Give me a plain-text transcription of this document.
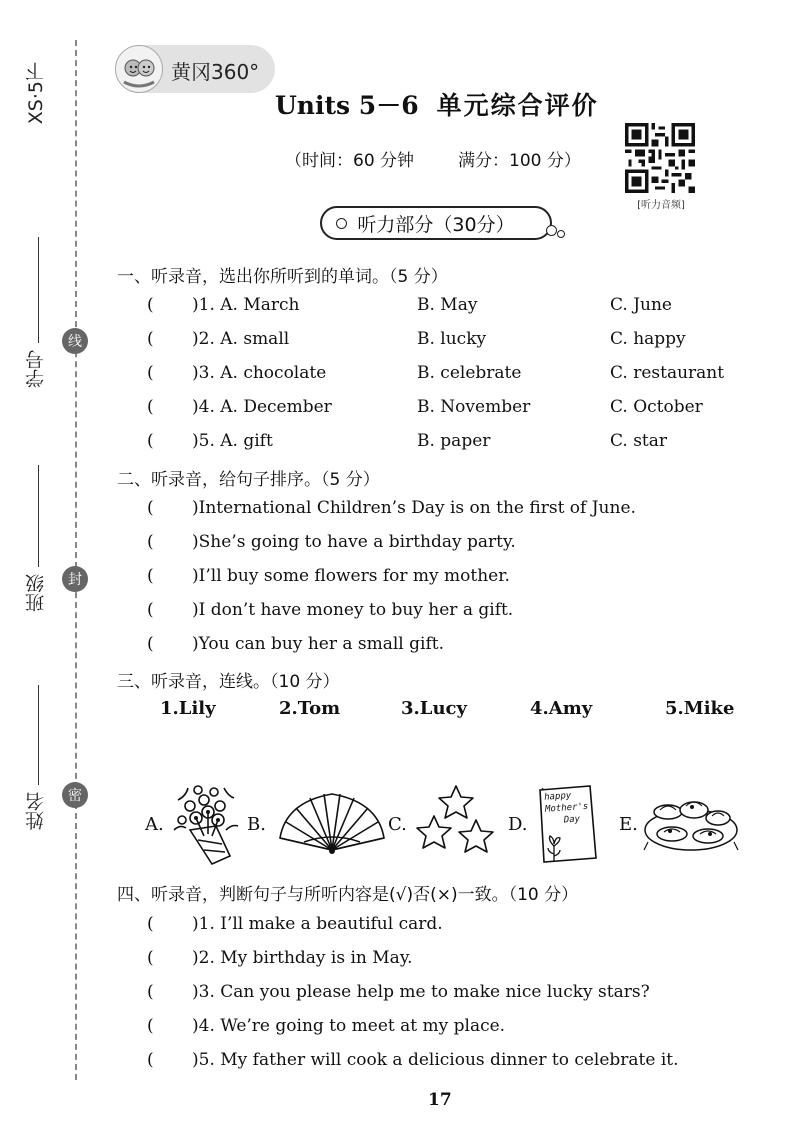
XS·5下
学号
线
班级	封
姓名	密
黄冈360°
Units 5－6 单元综合评价
（时间：60 分钟	满分：100 分）
[听力音频]
听力部分（30分）
一、听录音，选出你所听到的单词。（5 分）
( )1. A. March	B. May	C. June
( )2. A. small	B. lucky	C. happy
( )3. A. chocolate	B. celebrate	C. restaurant
( )4. A. December	B. November	C. October
( )5. A. gift	B. paper	C. star
二、听录音，给句子排序。（5 分）
( )International Children’s Day is on the first of June.
( )She’s going to have a birthday party.
( )I’ll buy some flowers for my mother.
( )I don’t have money to buy her a gift.
( )You can buy her a small gift.
三、听录音，连线。（10 分）
1.Lily	2.Tom	3.Lucy	4.Amy	5.Mike
A.	B.	C.	D.
happy
Mother's
Day	E.
四、听录音，判断句子与所听内容是(√)否(×)一致。（10 分）
( )1. I’ll make a beautiful card.
( )2. My birthday is in May.
( )3. Can you please help me to make nice lucky stars?
( )4. We’re going to meet at my place.
( )5. My father will cook a delicious dinner to celebrate it.
17
